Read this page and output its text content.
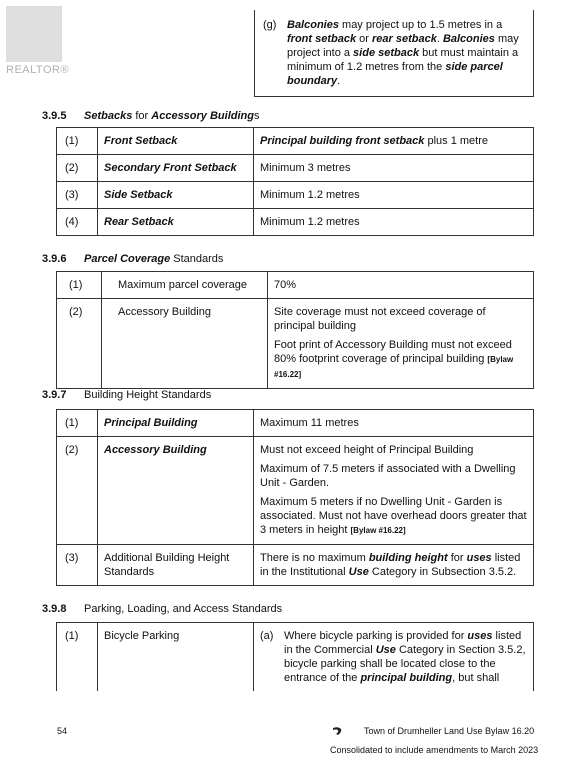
REALTOR®
(g) Balconies may project up to 1.5 metres in a front setback or rear setback. Balconies may project into a side setback but must maintain a minimum of 1.2 metres from the side parcel boundary.
3.9.5 Setbacks for Accessory Buildings
(1)	Front Setback	Principal building front setback plus 1 metre
(2)	Secondary Front Setback	Minimum 3 metres
(3)	Side Setback	Minimum 1.2 metres
(4)	Rear Setback	Minimum 1.2 metres
3.9.6 Parcel Coverage Standards
(1)	Maximum parcel coverage	70%
(2)	Accessory Building	Site coverage must not exceed coverage of principal building

Foot print of Accessory Building must not exceed 80% footprint coverage of principal building [Bylaw #16.22]

3.9.7 Building Height Standards
(1)	Principal Building	Maximum 11 metres
(2)	Accessory Building	Must not exceed height of Principal Building

Maximum of 7.5 meters if associated with a Dwelling Unit - Garden.

Maximum 5 meters if no Dwelling Unit - Garden is associated. Must not have overhead doors greater that 3 meters in height [Bylaw #16.22]

(3)	Additional Building Height Standards	There is no maximum building height for uses listed in the Institutional Use Category in Subsection 3.5.2.
3.9.8 Parking, Loading, and Access Standards
(1)	Bicycle Parking	(a) Where bicycle parking is provided for uses listed in the Commercial Use Category in Section 3.5.2, bicycle parking shall be located close to the entrance of the principal building, but shall
54	Town of Drumheller Land Use Bylaw 16.20
Consolidated to include amendments to March 2023
